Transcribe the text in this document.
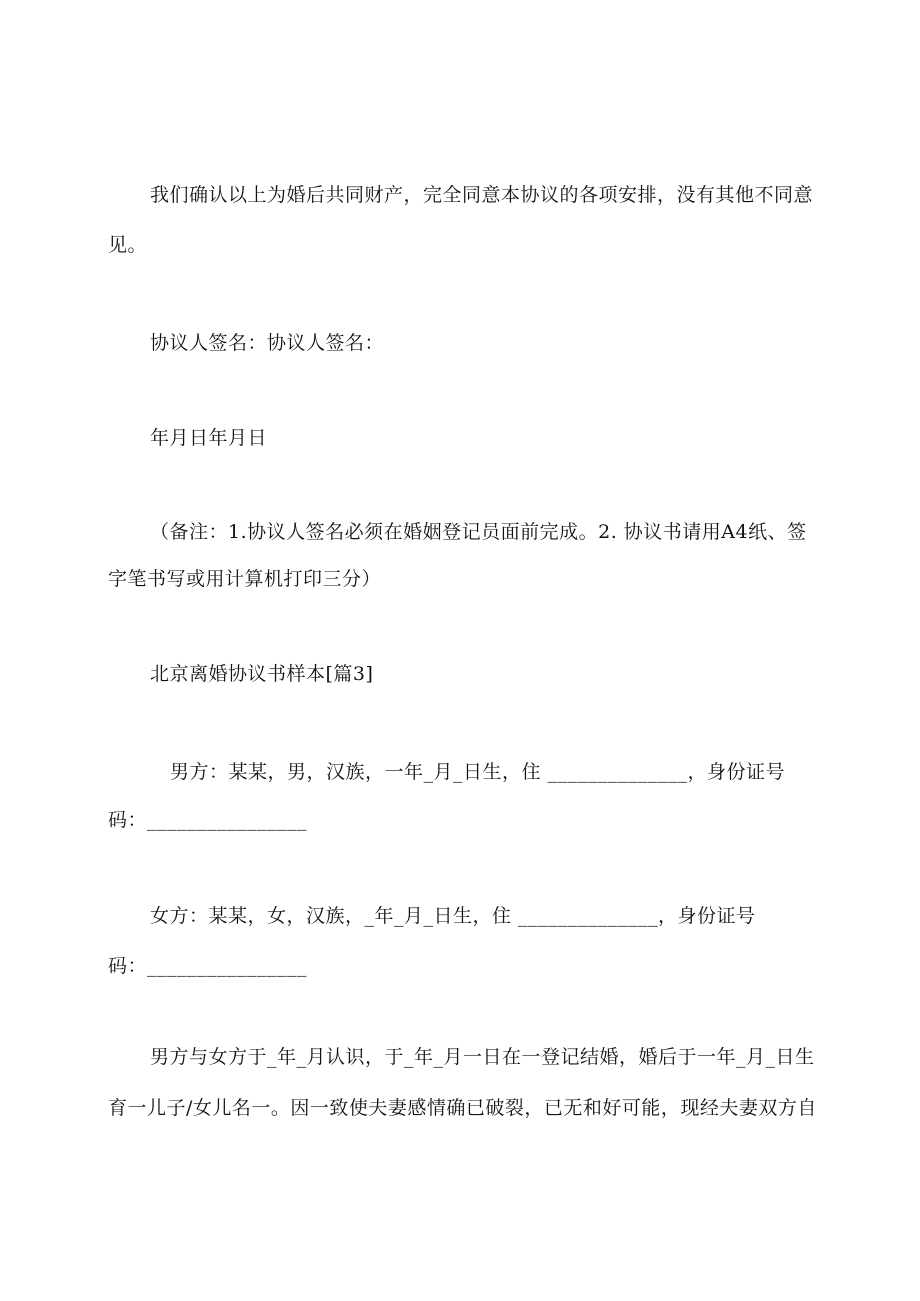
我们确认以上为婚后共同财产，完全同意本协议的各项安排，没有其他不同意
见。
协议人签名：协议人签名：
年月日年月日
（备注：1.协议人签名必须在婚姻登记员面前完成。2. 协议书请用A4纸、签
字笔书写或用计算机打印三分）
北京离婚协议书样本[篇3]
男方：某某，男，汉族，一年_月_日生，住 ______________，身份证号
码：________________
女方：某某，女，汉族，_年_月_日生，住 ______________，身份证号
码：________________
男方与女方于_年_月认识，于_年_月一日在一登记结婚，婚后于一年_月_日生
育一儿子/女儿名一。因一致使夫妻感情确已破裂，已无和好可能，现经夫妻双方自
